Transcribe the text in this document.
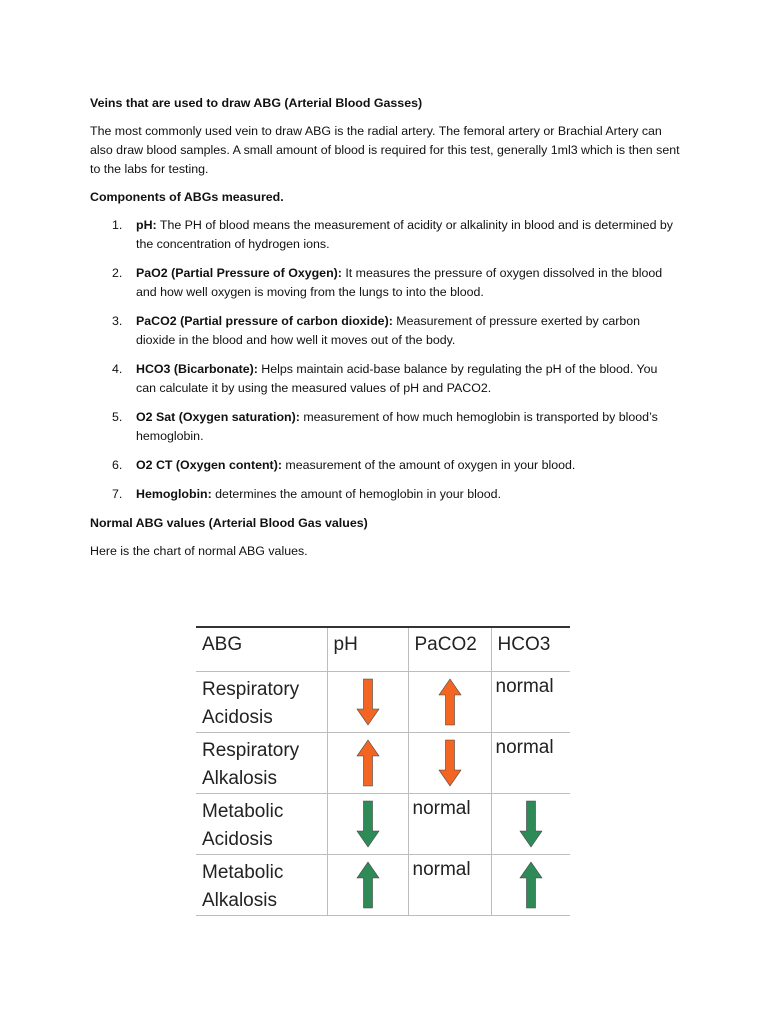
Veins that are used to draw ABG (Arterial Blood Gasses)

The most commonly used vein to draw ABG is the radial artery. The femoral artery or Brachial Artery can also draw blood samples. A small amount of blood is required for this test, generally 1ml3 which is then sent to the labs for testing.

Components of ABGs measured.

1. pH: The PH of blood means the measurement of acidity or alkalinity in blood and is determined by the concentration of hydrogen ions.
2. PaO2 (Partial Pressure of Oxygen): It measures the pressure of oxygen dissolved in the blood and how well oxygen is moving from the lungs to into the blood.
3. PaCO2 (Partial pressure of carbon dioxide): Measurement of pressure exerted by carbon dioxide in the blood and how well it moves out of the body.
4. HCO3 (Bicarbonate): Helps maintain acid-base balance by regulating the pH of the blood. You can calculate it by using the measured values of pH and PACO2.
5. O2 Sat (Oxygen saturation): measurement of how much hemoglobin is transported by blood’s hemoglobin.
6. O2 CT (Oxygen content): measurement of the amount of oxygen in your blood.
7. Hemoglobin: determines the amount of hemoglobin in your blood.

Normal ABG values (Arterial Blood Gas values)

Here is the chart of normal ABG values.

ABG	pH	PaCO2	HCO3

Respiratory
Acidosis			normal

Respiratory
Alkalosis			normal

Metabolic
Acidosis		normal	

Metabolic
Alkalosis		normal	
